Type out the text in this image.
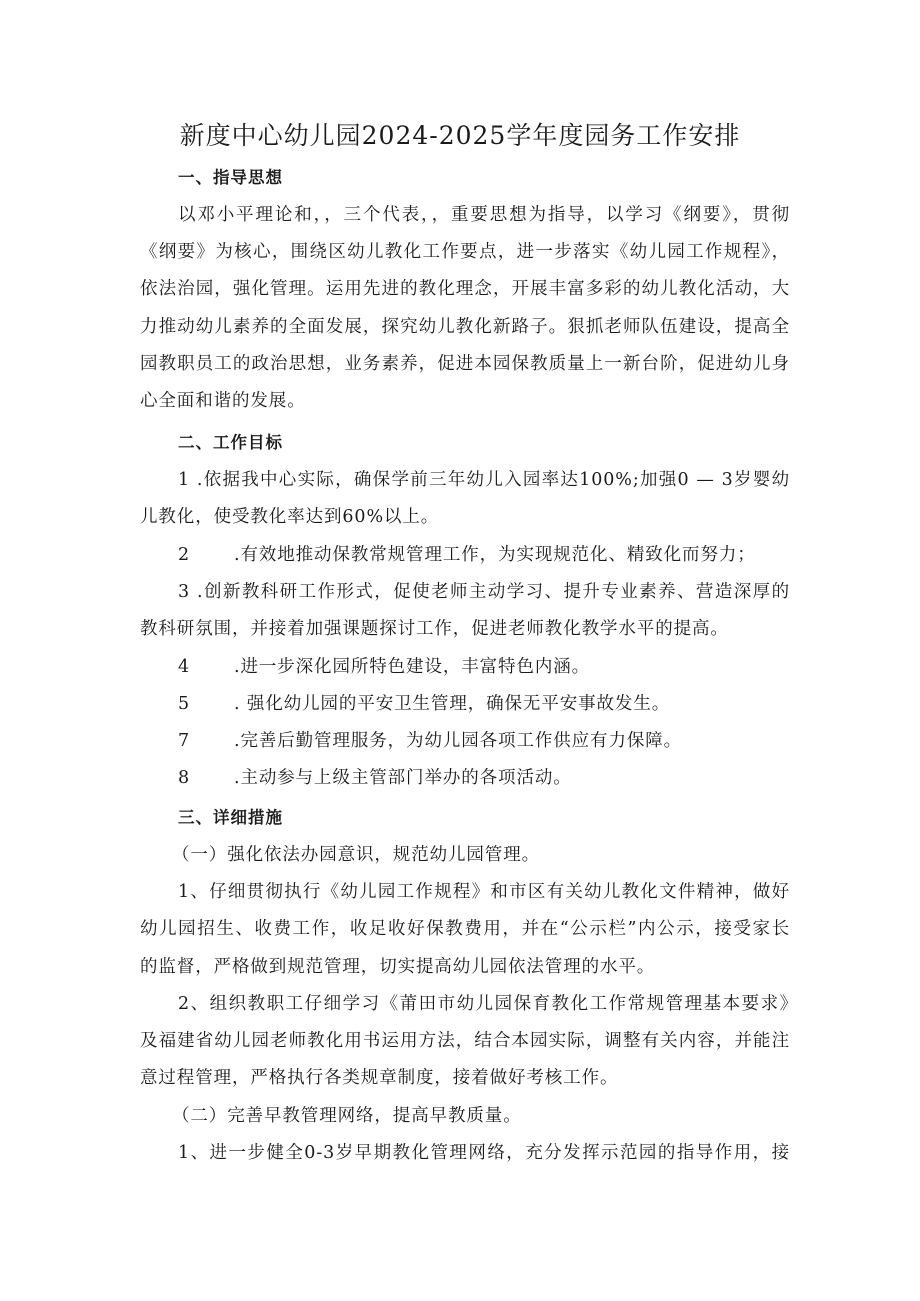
新度中心幼儿园2024-2025学年度园务工作安排
一、指导思想
以邓小平理论和，，三个代表，，重要思想为指导，以学习《纲要》，贯彻
《纲要》为核心，围绕区幼儿教化工作要点，进一步落实《幼儿园工作规程》，
依法治园，强化管理。运用先进的教化理念，开展丰富多彩的幼儿教化活动，大
力推动幼儿素养的全面发展，探究幼儿教化新路子。狠抓老师队伍建设，提高全
园教职员工的政治思想，业务素养，促进本园保教质量上一新台阶，促进幼儿身
心全面和谐的发展。
二、工作目标
1 .依据我中心实际，确保学前三年幼儿入园率达100%;加强0 — 3岁婴幼
儿教化，使受教化率达到60%以上。
2	.有效地推动保教常规管理工作，为实现规范化、精致化而努力；
3 .创新教科研工作形式，促使老师主动学习、提升专业素养、营造深厚的
教科研氛围，并接着加强课题探讨工作，促进老师教化教学水平的提高。
4	.进一步深化园所特色建设，丰富特色内涵。
5	. 强化幼儿园的平安卫生管理，确保无平安事故发生。
7	.完善后勤管理服务，为幼儿园各项工作供应有力保障。
8	.主动参与上级主管部门举办的各项活动。
三、详细措施
（一）强化依法办园意识，规范幼儿园管理。
1、仔细贯彻执行《幼儿园工作规程》和市区有关幼儿教化文件精神，做好
幼儿园招生、收费工作，收足收好保教费用，并在“公示栏”内公示，接受家长
的监督，严格做到规范管理，切实提高幼儿园依法管理的水平。
2、组织教职工仔细学习《莆田市幼儿园保育教化工作常规管理基本要求》
及福建省幼儿园老师教化用书运用方法，结合本园实际，调整有关内容，并能注
意过程管理，严格执行各类规章制度，接着做好考核工作。
（二）完善早教管理网络，提高早教质量。
1、进一步健全0-3岁早期教化管理网络，充分发挥示范园的指导作用，接
